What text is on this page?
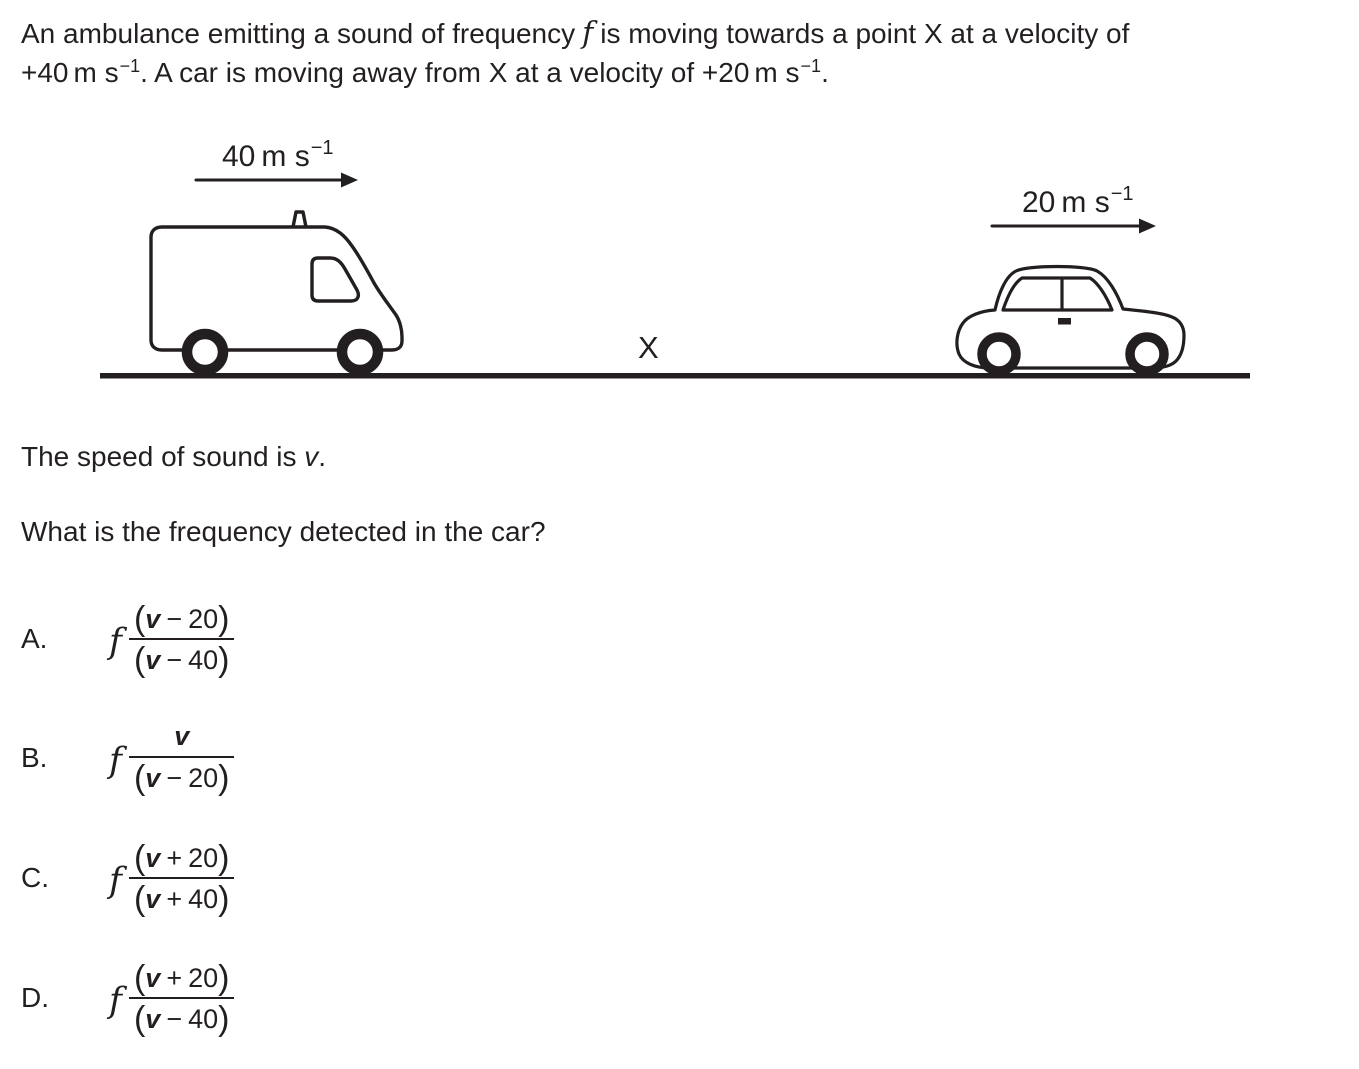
40 m $s^{-1}$
20 m $s^{-1}$
X

An ambulance emitting a sound of frequency f is moving towards a point X at a velocity of
+40 m $s^{-1}$. A car is moving away from X at a velocity of +20 m $s^{-1}$.

The speed of sound is v.

What is the frequency detected in the car?

A.	f $\frac{( v - 20 )}{( v - 40 )}$
B.	f $\frac{v}{( v - 20 )}$
C.	f $\frac{( v + 20 )}{( v + 40 )}$
D.	f $\frac{( v + 20 )}{( v - 40 )}$
